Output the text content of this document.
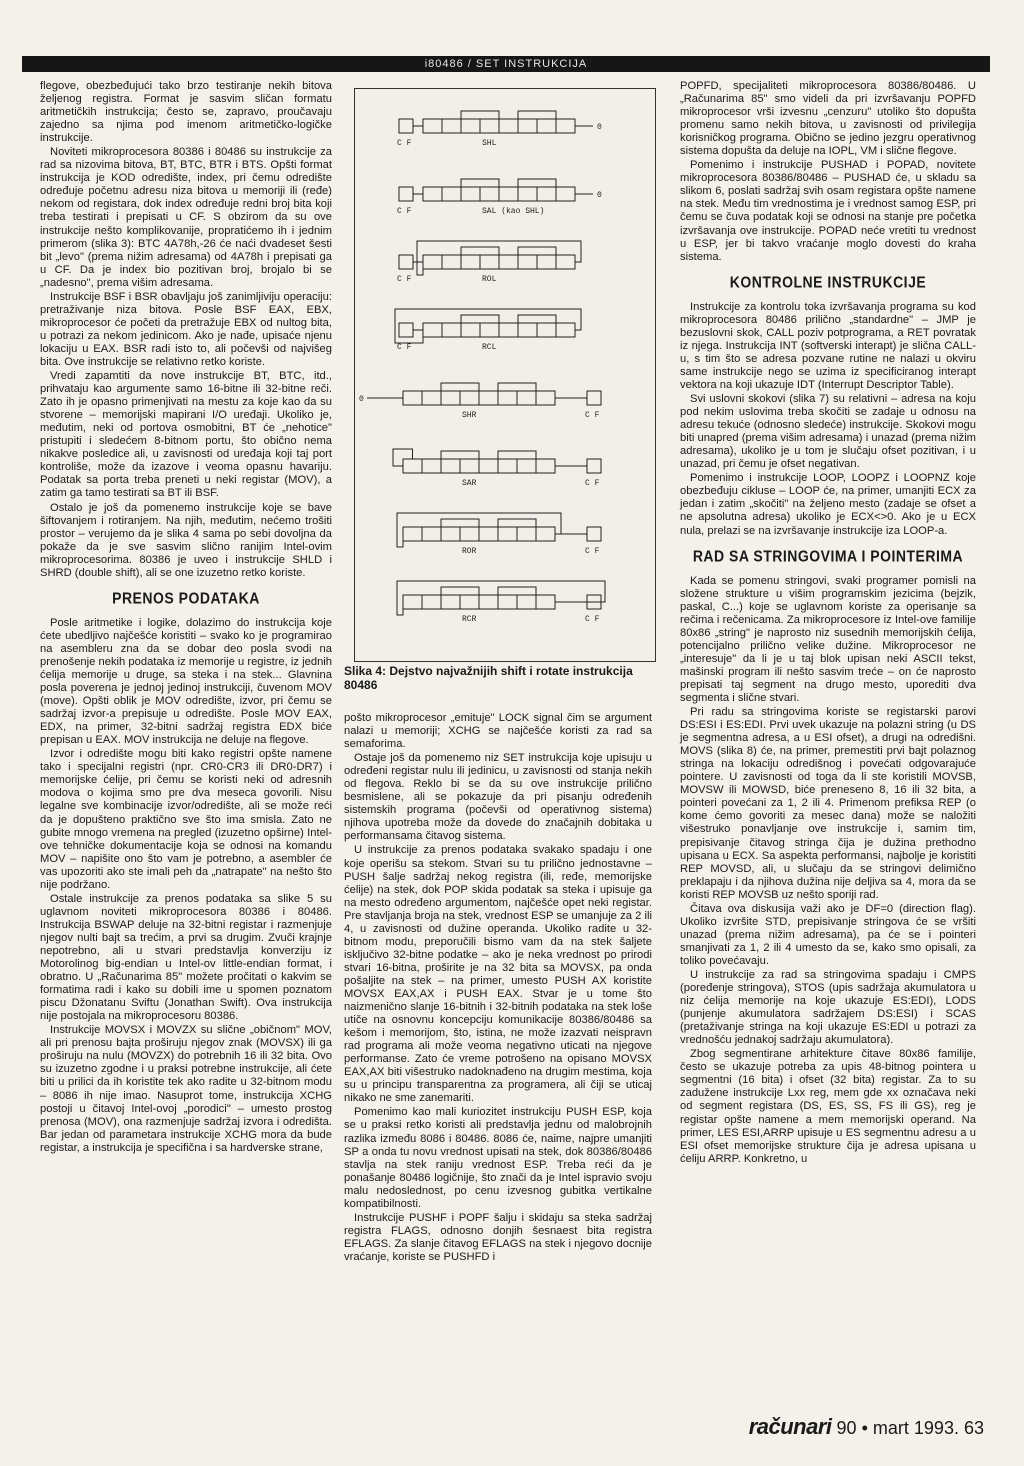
i80486 / SET INSTRUKCIJA

flegove, obezbeđujući tako brzo testiranje nekih bitova željenog registra. Format je sasvim sličan formatu aritmetičkih instrukcija; često se, zapravo, proučavaju zajedno sa njima pod imenom aritmetičko-logičke instrukcije.

Noviteti mikroprocesora 80386 i 80486 su instrukcije za rad sa nizovima bitova, BT, BTC, BTR i BTS. Opšti format instrukcija je KOD odredište, index, pri čemu odredište određuje početnu adresu niza bitova u memoriji ili (ređe) nekom od registara, dok index određuje redni broj bita koji treba testirati i prepisati u CF. S obzirom da su ove instrukcije nešto komplikovanije, propratićemo ih i jednim primerom (slika 3): BTC 4A78h,-26 će naći dvadeset šesti bit „levo" (prema nižim adresama) od 4A78h i prepisati ga u CF. Da je index bio pozitivan broj, brojalo bi se „nadesno", prema višim adresama.

Instrukcije BSF i BSR obavljaju još zanimljiviju operaciju: pretraživanje niza bitova. Posle BSF EAX, EBX, mikroprocesor će početi da pretražuje EBX od nultog bita, u potrazi za nekom jedinicom. Ako je nađe, upisaće njenu lokaciju u EAX. BSR radi isto to, ali počevši od najvišeg bita. Ove instrukcije se relativno retko koriste.

Vredi zapamtiti da nove instrukcije BT, BTC, itd., prihvataju kao argumente samo 16-bitne ili 32-bitne reči. Zato ih je opasno primenjivati na mestu za koje kao da su stvorene – memorijski mapirani I/O uređaji. Ukoliko je, međutim, neki od portova osmobitni, BT će „nehotice" pristupiti i sledećem 8-bitnom portu, što obično nema nikakve posledice ali, u zavisnosti od uređaja koji taj port kontroliše, može da izazove i veoma opasnu havariju. Podatak sa porta treba preneti u neki registar (MOV), a zatim ga tamo testirati sa BT ili BSF.

Ostalo je još da pomenemo instrukcije koje se bave šiftovanjem i rotiranjem. Na njih, međutim, nećemo trošiti prostor – verujemo da je slika 4 sama po sebi dovoljna da pokaže da je sve sasvim slično ranijim Intel-ovim mikroprocesorima. 80386 je uveo i instrukcije SHLD i SHRD (double shift), ali se one izuzetno retko koriste.

PRENOS PODATAKA

Posle aritmetike i logike, dolazimo do instrukcija koje ćete ubedljivo najčešće koristiti – svako ko je programirao na asembleru zna da se dobar deo posla svodi na prenošenje nekih podataka iz memorije u registre, iz jednih ćelija memorije u druge, sa steka i na stek... Glavnina posla poverena je jednoj jedinoj instrukciji, čuvenom MOV (move). Opšti oblik je MOV odredište, izvor, pri čemu se sadržaj izvor-a prepisuje u odredište. Posle MOV EAX, EDX, na primer, 32-bitni sadržaj registra EDX biće prepisan u EAX. MOV instrukcija ne deluje na flegove.

Izvor i odredište mogu biti kako registri opšte namene tako i specijalni registri (npr. CR0-CR3 ili DR0-DR7) i memorijske ćelije, pri čemu se koristi neki od adresnih modova o kojima smo pre dva meseca govorili. Nisu legalne sve kombinacije izvor/odredište, ali se može reći da je dopušteno praktično sve što ima smisla. Zato ne gubite mnogo vremena na pregled (izuzetno opširne) Intel-ove tehničke dokumentacije koja se odnosi na komandu MOV – napišite ono što vam je potrebno, a asembler će vas upozoriti ako ste imali peh da „natrapate" na nešto što nije podržano.

Ostale instrukcije za prenos podataka sa slike 5 su uglavnom noviteti mikroprocesora 80386 i 80486. Instrukcija BSWAP deluje na 32-bitni registar i razmenjuje njegov nulti bajt sa trećim, a prvi sa drugim. Zvuči krajnje nepotrebno, ali u stvari predstavlja konverziju iz Motorolinog big-endian u Intel-ov little-endian format, i obratno. U „Računarima 85" možete pročitati o kakvim se formatima radi i kako su dobili ime u spomen poznatom piscu Džonatanu Sviftu (Jonathan Swift). Ova instrukcija nije postojala na mikroprocesoru 80386.

Instrukcije MOVSX i MOVZX su slične „običnom" MOV, ali pri prenosu bajta proširuju njegov znak (MOVSX) ili ga proširuju na nulu (MOVZX) do potrebnih 16 ili 32 bita. Ovo su izuzetno zgodne i u praksi potrebne instrukcije, ali ćete biti u prilici da ih koristite tek ako radite u 32-bitnom modu – 8086 ih nije imao. Nasuprot tome, instrukcija XCHG postoji u čitavoj Intel-ovoj „porodici" – umesto prostog prenosa (MOV), ona razmenjuje sadržaj izvora i odredišta. Bar jedan od parametara instrukcije XCHG mora da bude registar, a instrukcija je specifična i sa hardverske strane,

C F
0
SHL
C F
0
SAL (kao SHL)
C F	ROL
C F	RCL
C F
0
SHR
C F
SAR
C F
ROR
C F
RCR
Slika 4: Dejstvo najvažnijih shift i rotate instrukcija 80486

pošto mikroprocesor „emituje" LOCK signal čim se argument nalazi u memoriji; XCHG se najčešće koristi za rad sa semaforima.

Ostaje još da pomenemo niz SET instrukcija koje upisuju u određeni registar nulu ili jedinicu, u zavisnosti od stanja nekih od flegova. Reklo bi se da su ove instrukcije prilično besmislene, ali se pokazuje da pri pisanju određenih sistemskih programa (počevši od operativnog sistema) njihova upotreba može da dovede do značajnih dobitaka u performansama čitavog sistema.

U instrukcije za prenos podataka svakako spadaju i one koje operišu sa stekom. Stvari su tu prilično jednostavne – PUSH šalje sadržaj nekog registra (ili, ređe, memorijske ćelije) na stek, dok POP skida podatak sa steka i upisuje ga na mesto određeno argumentom, najčešće opet neki registar. Pre stavljanja broja na stek, vrednost ESP se umanjuje za 2 ili 4, u zavisnosti od dužine operanda. Ukoliko radite u 32-bitnom modu, preporučili bismo vam da na stek šaljete isključivo 32-bitne podatke – ako je neka vrednost po prirodi stvari 16-bitna, proširite je na 32 bita sa MOVSX, pa onda pošaljite na stek – na primer, umesto PUSH AX koristite MOVSX EAX,AX i PUSH EAX. Stvar je u tome što naizmenično slanje 16-bitnih i 32-bitnih podataka na stek loše utiče na osnovnu koncepciju komunikacije 80386/80486 sa kešom i memorijom, što, istina, ne može izazvati neispravn rad programa ali može veoma negativno uticati na njegove performanse. Zato će vreme potrošeno na opisano MOVSX EAX,AX biti višestruko nadoknađeno na drugim mestima, koja su u principu transparentna za programera, ali čiji se uticaj nikako ne sme zanemariti.

Pomenimo kao mali kuriozitet instrukciju PUSH ESP, koja se u praksi retko koristi ali predstavlja jednu od malobrojnih razlika između 8086 i 80486. 8086 će, naime, najpre umanjiti SP a onda tu novu vrednost upisati na stek, dok 80386/80486 stavlja na stek raniju vrednost ESP. Treba reći da je ponašanje 80486 logičnije, što znači da je Intel ispravio svoju malu nedoslednost, po cenu izvesnog gubitka vertikalne kompatibilnosti.

Instrukcije PUSHF i POPF šalju i skidaju sa steka sadržaj registra FLAGS, odnosno donjih šesnaest bita registra EFLAGS. Za slanje čitavog EFLAGS na stek i njegovo docnije vraćanje, koriste se PUSHFD i

POPFD, specijaliteti mikroprocesora 80386/80486. U „Računarima 85" smo videli da pri izvršavanju POPFD mikroprocesor vrši izvesnu „cenzuru" utoliko što dopušta promenu samo nekih bitova, u zavisnosti od privilegija korisničkog programa. Obično se jedino jezgru operativnog sistema dopušta da deluje na IOPL, VM i slične flegove.

Pomenimo i instrukcije PUSHAD i POPAD, novitete mikroprocesora 80386/80486 – PUSHAD će, u skladu sa slikom 6, poslati sadržaj svih osam registara opšte namene na stek. Među tim vrednostima je i vrednost samog ESP, pri čemu se čuva podatak koji se odnosi na stanje pre početka izvršavanja ove instrukcije. POPAD neće vretiti tu vrednost u ESP, jer bi takvo vraćanje moglo dovesti do kraha sistema.

KONTROLNE INSTRUKCIJE

Instrukcije za kontrolu toka izvršavanja programa su kod mikroprocesora 80486 prilično „standardne" – JMP je bezuslovni skok, CALL poziv potprograma, a RET povratak iz njega. Instrukcija INT (softverski interapt) je slična CALL-u, s tim što se adresa pozvane rutine ne nalazi u okviru same instrukcije nego se uzima iz specificiranog interapt vektora na koji ukazuje IDT (Interrupt Descriptor Table).

Svi uslovni skokovi (slika 7) su relativni – adresa na koju pod nekim uslovima treba skočiti se zadaje u odnosu na adresu tekuće (odnosno sledeće) instrukcije. Skokovi mogu biti unapred (prema višim adresama) i unazad (prema nižim adresama), ukoliko je u tom je slučaju ofset pozitivan, i u unazad, pri čemu je ofset negativan.

Pomenimo i instrukcije LOOP, LOOPZ i LOOPNZ koje obezbeđuju cikluse – LOOP će, na primer, umanjiti ECX za jedan i zatim „skočiti" na željeno mesto (zadaje se ofset a ne apsolutna adresa) ukoliko je ECX<>0. Ako je u ECX nula, prelazi se na izvršavanje instrukcije iza LOOP-a.

RAD SA STRINGOVIMA I POINTERIMA

Kada se pomenu stringovi, svaki programer pomisli na složene strukture u višim programskim jezicima (bejzik, paskal, C...) koje se uglavnom koriste za operisanje sa rečima i rečenicama. Za mikroprocesore iz Intel-ove familije 80x86 „string" je naprosto niz susednih memorijskih ćelija, potencijalno prilično velike dužine. Mikroprocesor ne „interesuje" da li je u taj blok upisan neki ASCII tekst, mašinski program ili nešto sasvim treće – on će naprosto prepisati taj segment na drugo mesto, uporediti dva segmenta i slične stvari.

Pri radu sa stringovima koriste se registarski parovi DS:ESI i ES:EDI. Prvi uvek ukazuje na polazni string (u DS je segmentna adresa, a u ESI ofset), a drugi na odredišni. MOVS (slika 8) će, na primer, premestiti prvi bajt polaznog stringa na lokaciju odredišnog i povećati odgovarajuće pointere. U zavisnosti od toga da li ste koristili MOVSB, MOVSW ili MOWSD, biće preneseno 8, 16 ili 32 bita, a pointeri povećani za 1, 2 ili 4. Primenom prefiksa REP (o kome ćemo govoriti za mesec dana) može se naložiti višestruko ponavljanje ove instrukcije i, samim tim, prepisivanje čitavog stringa čija je dužina prethodno upisana u ECX. Sa aspekta performansi, najbolje je koristiti REP MOVSD, ali, u slučaju da se stringovi delimično preklapaju i da njihova dužina nije deljiva sa 4, mora da se koristi REP MOVSB uz nešto sporiji rad.

Čitava ova diskusija važi ako je DF=0 (direction flag). Ukoliko izvršite STD, prepisivanje stringova će se vršiti unazad (prema nižim adresama), pa će se i pointeri smanjivati za 1, 2 ili 4 umesto da se, kako smo opisali, za toliko povećavaju.

U instrukcije za rad sa stringovima spadaju i CMPS (poređenje stringova), STOS (upis sadržaja akumulatora u niz ćelija memorije na koje ukazuje ES:EDI), LODS (punjenje akumulatora sadržajem DS:ESI) i SCAS (pretaživanje stringa na koji ukazuje ES:EDI u potrazi za vrednošću jednakoj sadržaju akumulatora).

Zbog segmentirane arhitekture čitave 80x86 familije, često se ukazuje potreba za upis 48-bitnog pointera u segmentni (16 bita) i ofset (32 bita) registar. Za to su zadužene instrukcije Lxx reg, mem gde xx označava neki od segment registara (DS, ES, SS, FS ili GS), reg je registar opšte namene a mem memorijski operand. Na primer, LES ESI,ARRP upisuje u ES segmentnu adresu a u ESI ofset memorijske strukture čija je adresa upisana u ćeliju ARRP. Konkretno, u

računari 90 • mart 1993. 63
